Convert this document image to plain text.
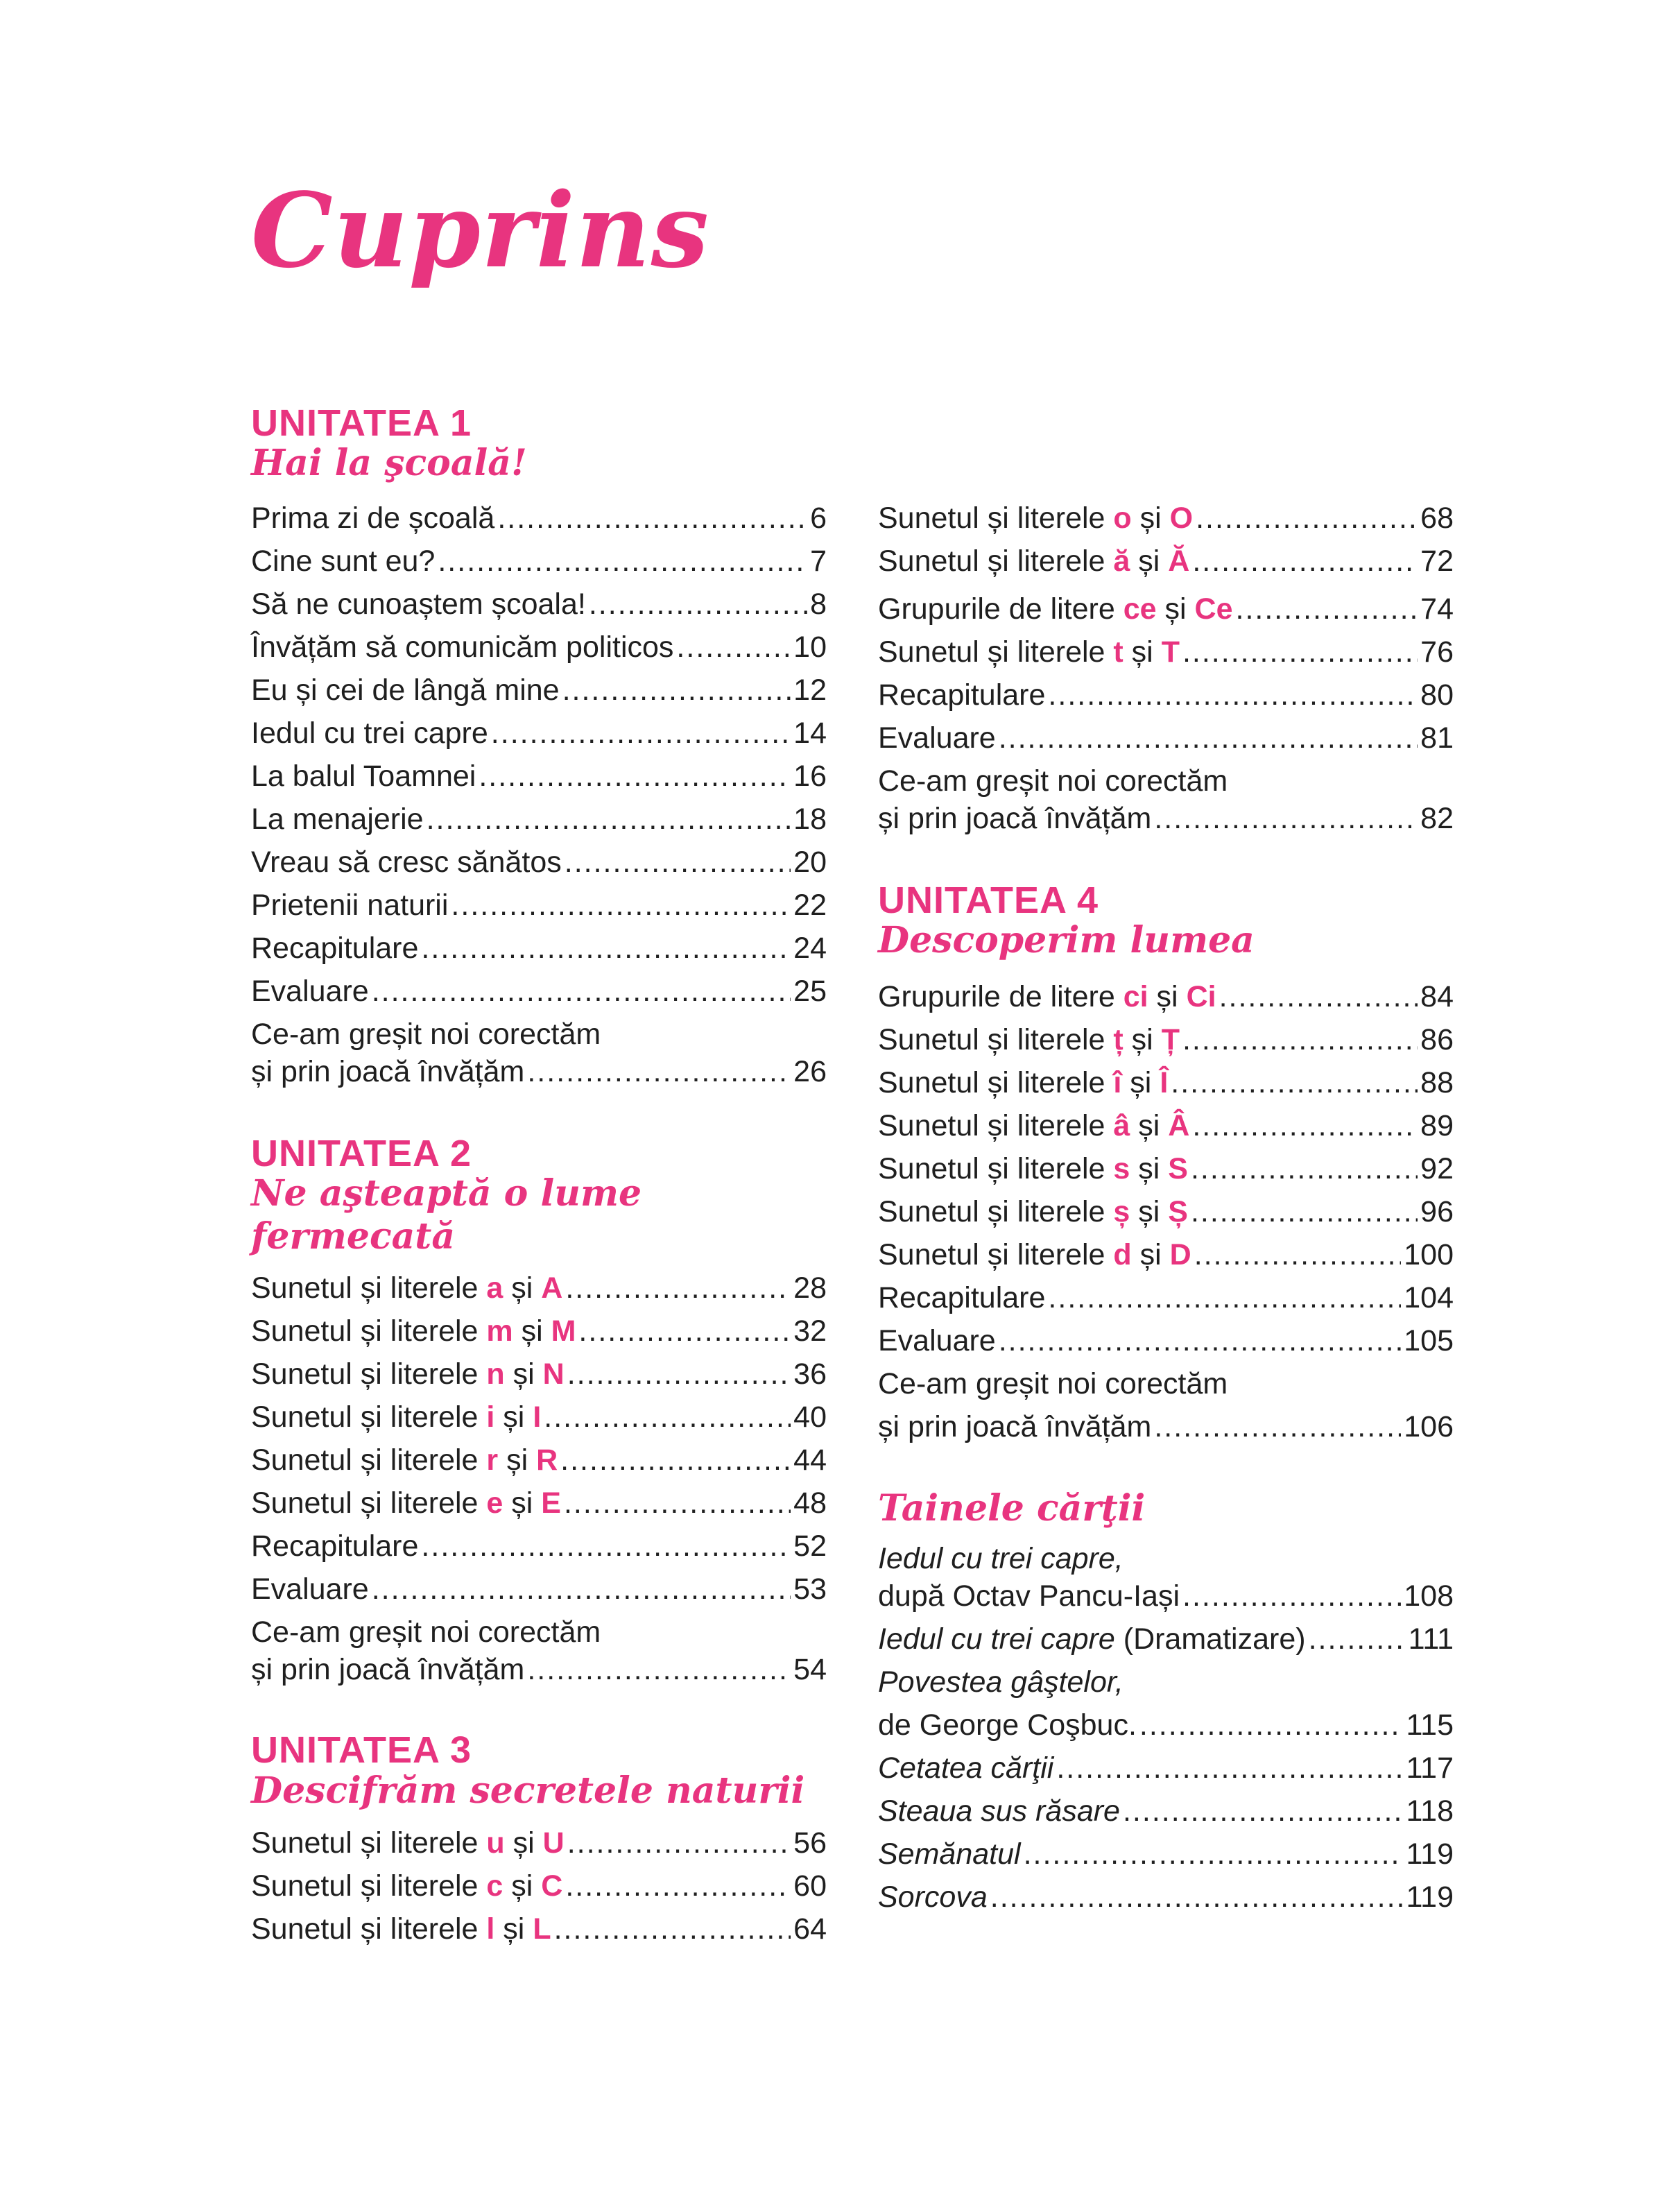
Cuprins
UNITATEA 1
Hai la şcoală!
Prima zi de școală .....	6
Cine sunt eu? .....	7
Să ne cunoaștem școala! .....	8
Învățăm să comunicăm politicos .....	10
Eu și cei de lângă mine .....	12
Iedul cu trei capre .....	14
La balul Toamnei .....	16
La menajerie .....	18
Vreau să cresc sănătos .....	20
Prietenii naturii .....	22
Recapitulare .....	24
Evaluare .....	25
Ce-am greșit noi corectăm
și prin joacă învățăm .....	26
UNITATEA 2
Ne aşteaptă o lume
fermecată
Sunetul și literele a și A .....	28
Sunetul și literele m și M .....	32
Sunetul și literele n și N .....	36
Sunetul și literele i și I .....	40
Sunetul și literele r și R .....	44
Sunetul și literele e și E .....	48
Recapitulare .....	52
Evaluare .....	53
Ce-am greșit noi corectăm
și prin joacă învățăm .....	54
UNITATEA 3
Descifrăm secretele naturii
Sunetul și literele u și U .....	56
Sunetul și literele c și C .....	60
Sunetul și literele l și L .....	64
Sunetul și literele o și O .....	68
Sunetul și literele ă și Ă .....	72
Grupurile de litere ce și Ce .....	74
Sunetul și literele t și T .....	76
Recapitulare .....	80
Evaluare .....	81
Ce-am greșit noi corectăm
și prin joacă învățăm .....	82
UNITATEA 4
Descoperim lumea
Grupurile de litere ci și Ci .....	84
Sunetul și literele ț și Ț .....	86
Sunetul și literele î și Î .....	88
Sunetul și literele â și Â .....	89
Sunetul și literele s și S .....	92
Sunetul și literele ș și Ș .....	96
Sunetul și literele d și D .....	100
Recapitulare .....	104
Evaluare .....	105
Ce-am greșit noi corectăm
și prin joacă învățăm .....	106
Tainele cărţii
Iedul cu trei capre,
după Octav Pancu-Iași .....	108
Iedul cu trei capre (Dramatizare) .....	111
Povestea gâştelor,
de George Coşbuc. .....	115
Cetatea cărţii .....	117
Steaua sus răsare .....	118
Semănatul .....	119
Sorcova .....	119
